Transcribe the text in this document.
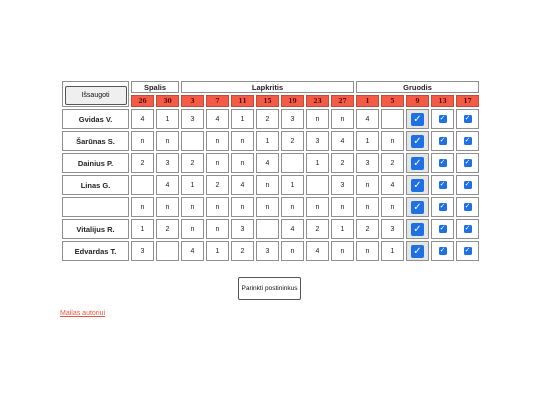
Išsaugoti	Spalis		Lapkritis							Gruodis				
	26	30	3	7	11	15	19	23	27	1	5	9	13	17
Gvidas V.	4	1	3	4	1	2	3	n	n	4		✓	✓	✓
Šarūnas S.	n	n		n	n	1	2	3	4	1	n	✓	✓	✓
Dainius P.	2	3	2	n	n	4		1	2	3	2	✓	✓	✓
Linas G.		4	1	2	4	n	1		3	n	4	✓	✓	✓
	n	n	n	n	n	n	n	n	n	n	n	✓	✓	✓
Vitalijus R.	1	2	n	n	3		4	2	1	2	3	✓	✓	✓
Edvardas T.	3		4	1	2	3	n	4	n	n	1	✓	✓	✓
Parinkti postininkus
Mailas autoriui
